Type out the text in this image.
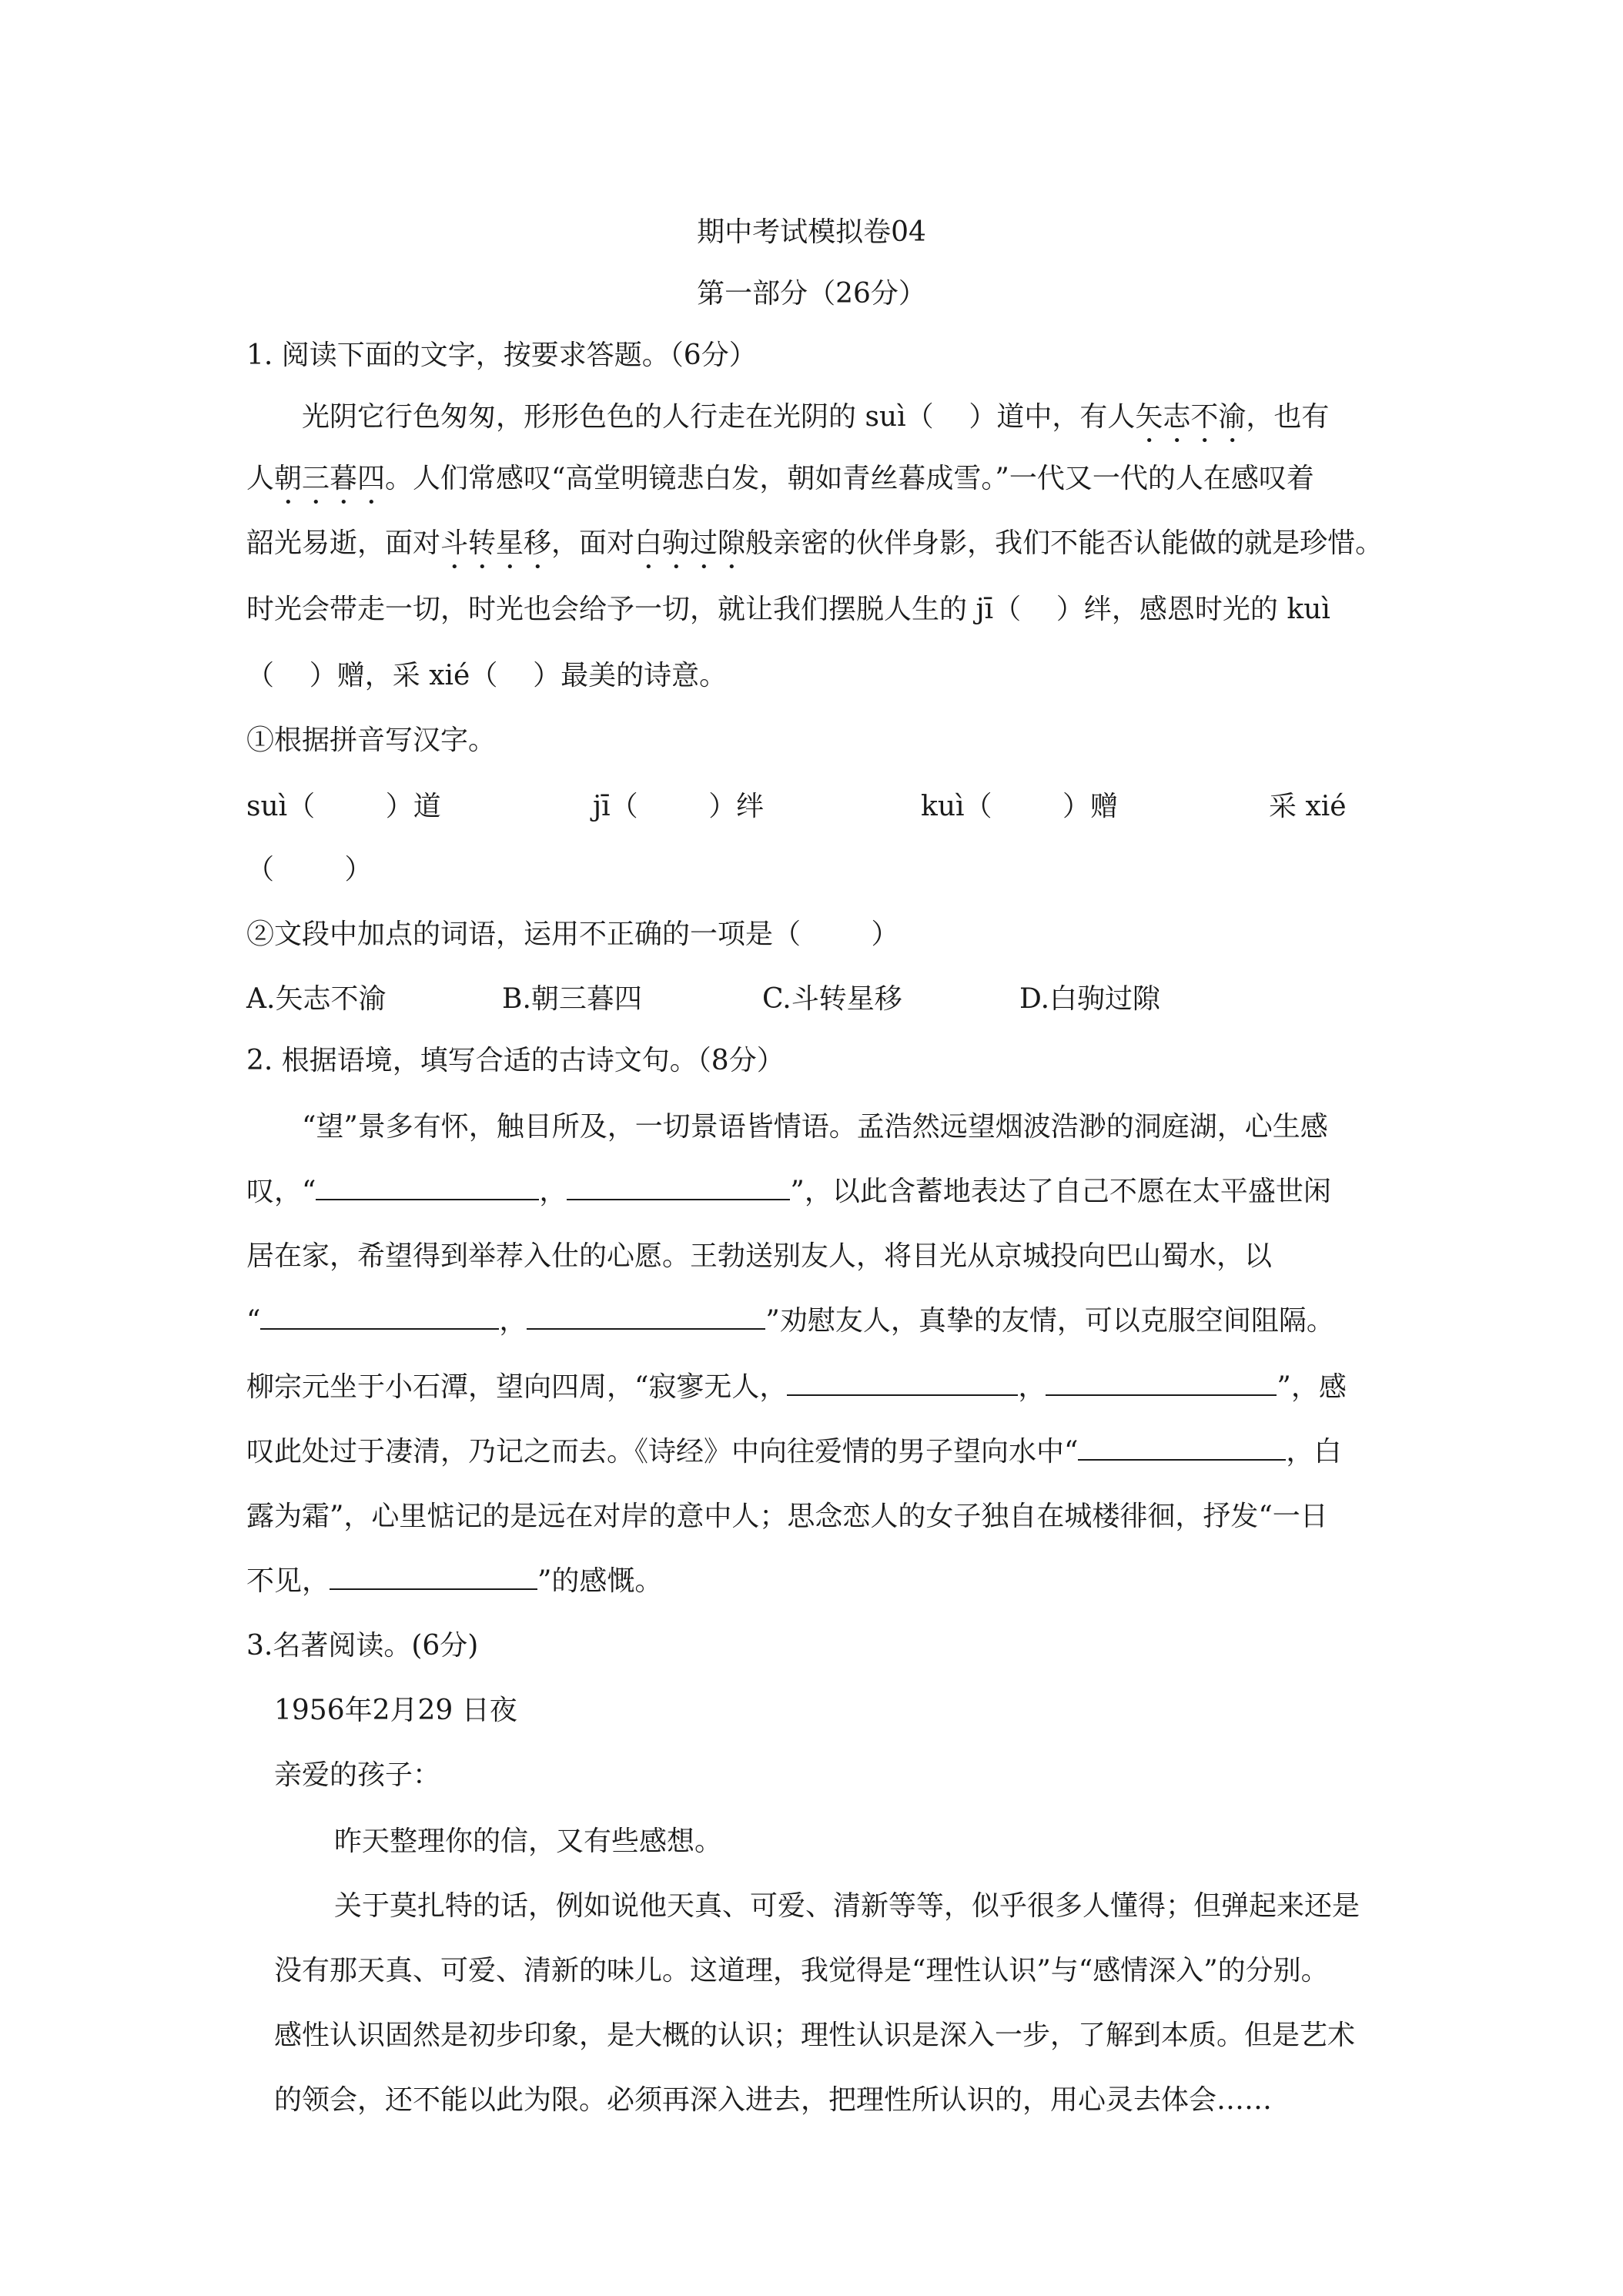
期中考试模拟卷04

第一部分（26分）

1. 阅读下面的文字，按要求答题。（6分）

光阴它行色匆匆，形形色色的人行走在光阴的 suì（    ）道中，有人矢志不渝，也有

人朝三暮四。人们常感叹“高堂明镜悲白发，朝如青丝暮成雪。”一代又一代的人在感叹着

韶光易逝，面对斗转星移，面对白驹过隙般亲密的伙伴身影，我们不能否认能做的就是珍惜。

时光会带走一切，时光也会给予一切，就让我们摆脱人生的 jī（    ）绊，感恩时光的 kuì

（    ）赠，采 xié（    ）最美的诗意。

①根据拼音写汉字。

suì（        ）道	jī（        ）绊	kuì（        ）赠	采 xié
（        ）

②文段中加点的词语，运用不正确的一项是（        ）

A.矢志不渝	B.朝三暮四	C.斗转星移	D.白驹过隙

2. 根据语境，填写合适的古诗文句。（8分）

“望”景多有怀，触目所及，一切景语皆情语。孟浩然远望烟波浩渺的洞庭湖，心生感

叹，“	，	”，以此含蓄地表达了自己不愿在太平盛世闲

居在家，希望得到举荐入仕的心愿。王勃送别友人，将目光从京城投向巴山蜀水，以

“	，	”劝慰友人，真挚的友情，可以克服空间阻隔。

柳宗元坐于小石潭，望向四周，“寂寥无人，	，	”，感

叹此处过于凄清，乃记之而去。《诗经》中向往爱情的男子望向水中“	，白

露为霜”，心里惦记的是远在对岸的意中人；思念恋人的女子独自在城楼徘徊，抒发“一日

不见，	”的感慨。

3.名著阅读。(6分)

1956年2月29 日夜

亲爱的孩子：

昨天整理你的信，又有些感想。

关于莫扎特的话，例如说他天真、可爱、清新等等，似乎很多人懂得；但弹起来还是

没有那天真、可爱、清新的味儿。这道理，我觉得是“理性认识”与“感情深入”的分别。

感性认识固然是初步印象，是大概的认识；理性认识是深入一步，了解到本质。但是艺术

的领会，还不能以此为限。必须再深入进去，把理性所认识的，用心灵去体会……
